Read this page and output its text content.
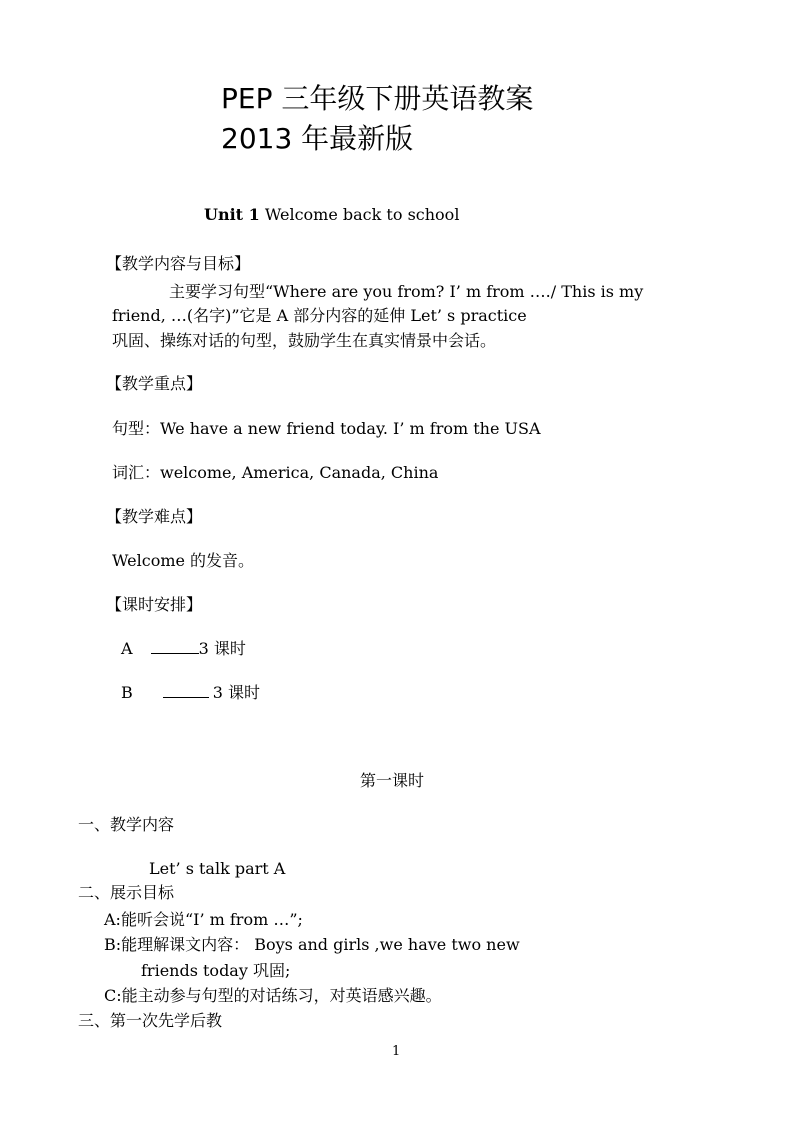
PEP 三年级下册英语教案
2013 年最新版
Unit 1 Welcome back to school
【教学内容与目标】
主要学习句型“Where are you from? I’ m from …./ This is my
friend, …(名字)”它是 A 部分内容的延伸 Let’ s practice
巩固、操练对话的句型，鼓励学生在真实情景中会话。
【教学重点】
句型：We have a new friend today. I’ m from the USA
词汇：welcome, America, Canada, China
【教学难点】
Welcome 的发音。
【课时安排】
A	3 课时
B	3 课时
第一课时
一、教学内容
Let’ s talk part A
二、展示目标
A:能听会说“I’ m from …”;
B:能理解课文内容： Boys and girls ,we have two new
friends today 巩固;
C:能主动参与句型的对话练习，对英语感兴趣。
三、第一次先学后教
1
